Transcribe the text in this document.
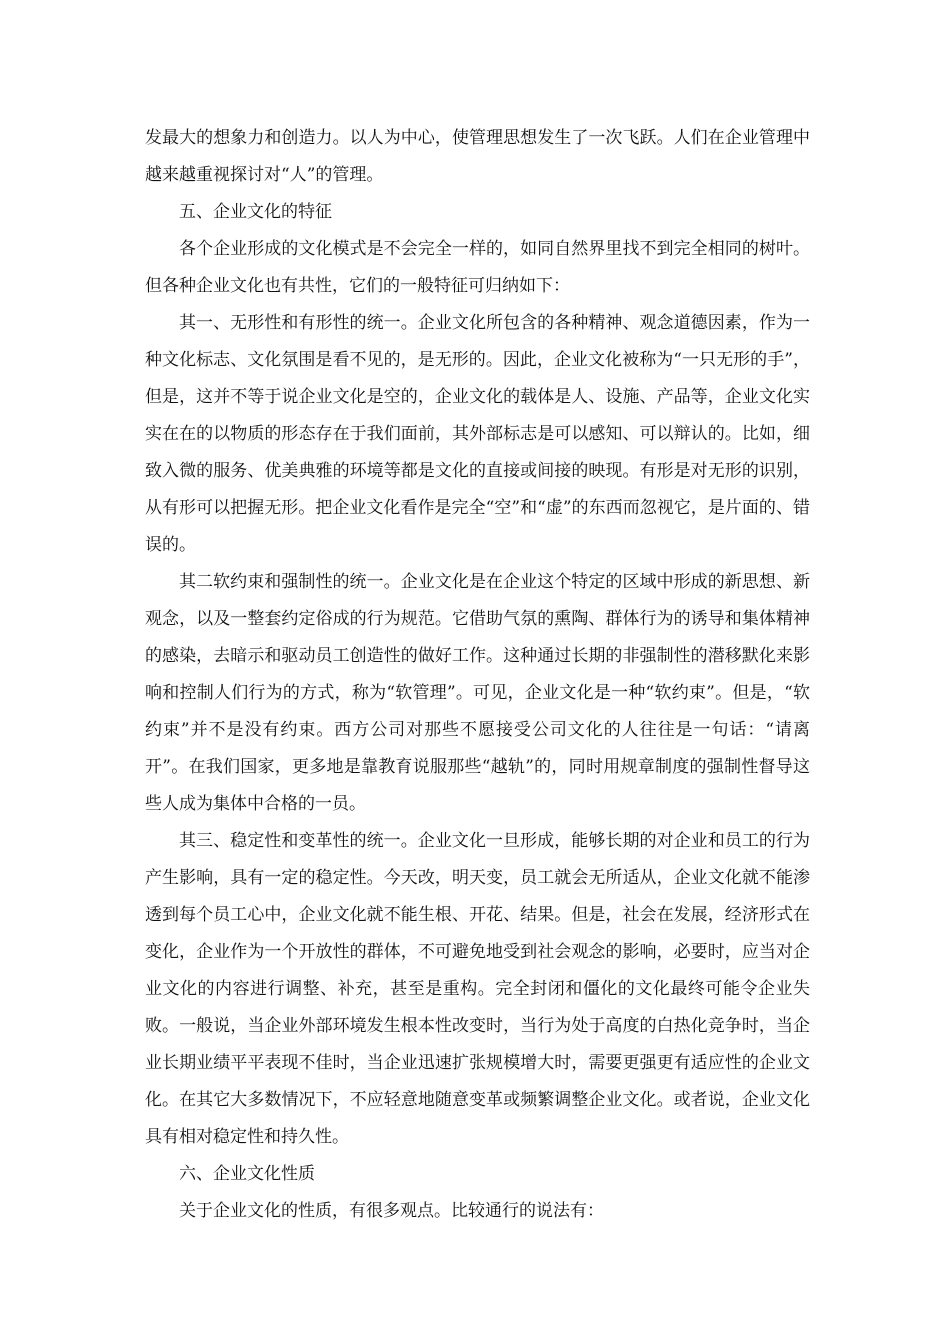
发最大的想象力和创造力。以人为中心，使管理思想发生了一次飞跃。人们在企业管理中越来越重视探讨对“人”的管理。

五、企业文化的特征

各个企业形成的文化模式是不会完全一样的，如同自然界里找不到完全相同的树叶。但各种企业文化也有共性，它们的一般特征可归纳如下：

其一、无形性和有形性的统一。企业文化所包含的各种精神、观念道德因素，作为一种文化标志、文化氛围是看不见的，是无形的。因此，企业文化被称为“一只无形的手”，但是，这并不等于说企业文化是空的，企业文化的载体是人、设施、产品等，企业文化实实在在的以物质的形态存在于我们面前，其外部标志是可以感知、可以辩认的。比如，细致入微的服务、优美典雅的环境等都是文化的直接或间接的映现。有形是对无形的识别，从有形可以把握无形。把企业文化看作是完全“空”和“虚”的东西而忽视它，是片面的、错误的。

其二软约束和强制性的统一。企业文化是在企业这个特定的区域中形成的新思想、新观念，以及一整套约定俗成的行为规范。它借助气氛的熏陶、群体行为的诱导和集体精神的感染，去暗示和驱动员工创造性的做好工作。这种通过长期的非强制性的潜移默化来影响和控制人们行为的方式，称为“软管理”。可见，企业文化是一种“软约束”。但是，“软约束”并不是没有约束。西方公司对那些不愿接受公司文化的人往往是一句话：“请离开”。在我们国家，更多地是靠教育说服那些“越轨”的，同时用规章制度的强制性督导这些人成为集体中合格的一员。

其三、稳定性和变革性的统一。企业文化一旦形成，能够长期的对企业和员工的行为产生影响，具有一定的稳定性。今天改，明天变，员工就会无所适从，企业文化就不能渗透到每个员工心中，企业文化就不能生根、开花、结果。但是，社会在发展，经济形式在变化，企业作为一个开放性的群体，不可避免地受到社会观念的影响，必要时，应当对企业文化的内容进行调整、补充，甚至是重构。完全封闭和僵化的文化最终可能令企业失败。一般说，当企业外部环境发生根本性改变时，当行为处于高度的白热化竞争时，当企业长期业绩平平表现不佳时，当企业迅速扩张规模增大时，需要更强更有适应性的企业文化。在其它大多数情况下，不应轻意地随意变革或频繁调整企业文化。或者说，企业文化具有相对稳定性和持久性。

六、企业文化性质

关于企业文化的性质，有很多观点。比较通行的说法有：
